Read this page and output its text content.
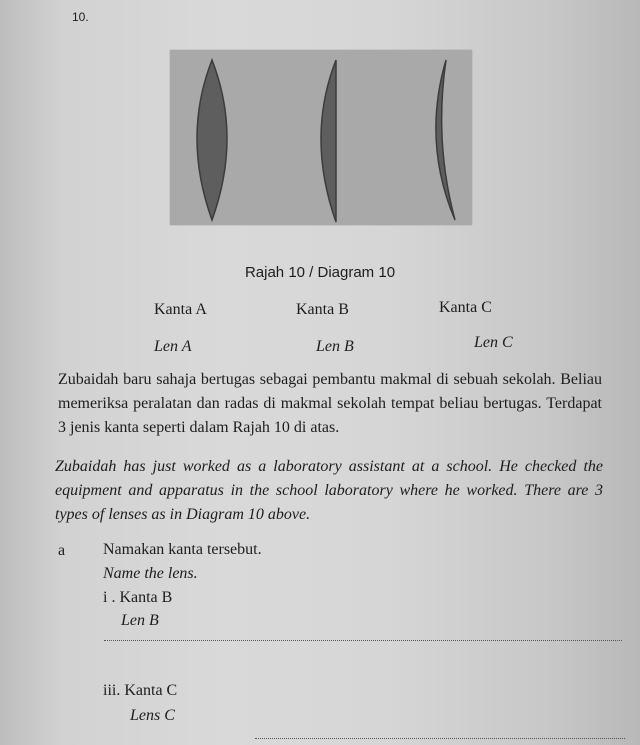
10.
Rajah 10 / Diagram 10
Kanta A	Kanta B	Kanta C
Len A	Len B	Len C
Zubaidah baru sahaja bertugas sebagai pembantu makmal di sebuah sekolah. Beliau memeriksa peralatan dan radas di makmal sekolah tempat beliau bertugas. Terdapat 3 jenis kanta seperti dalam Rajah 10 di atas.
Zubaidah has just worked as a laboratory assistant at a school. He checked the equipment and apparatus in the school laboratory where he worked. There are 3 types of lenses as in Diagram 10 above.
a Namakan kanta tersebut.
Name the lens.
i . Kanta B
Len B
iii. Kanta C
Lens C
